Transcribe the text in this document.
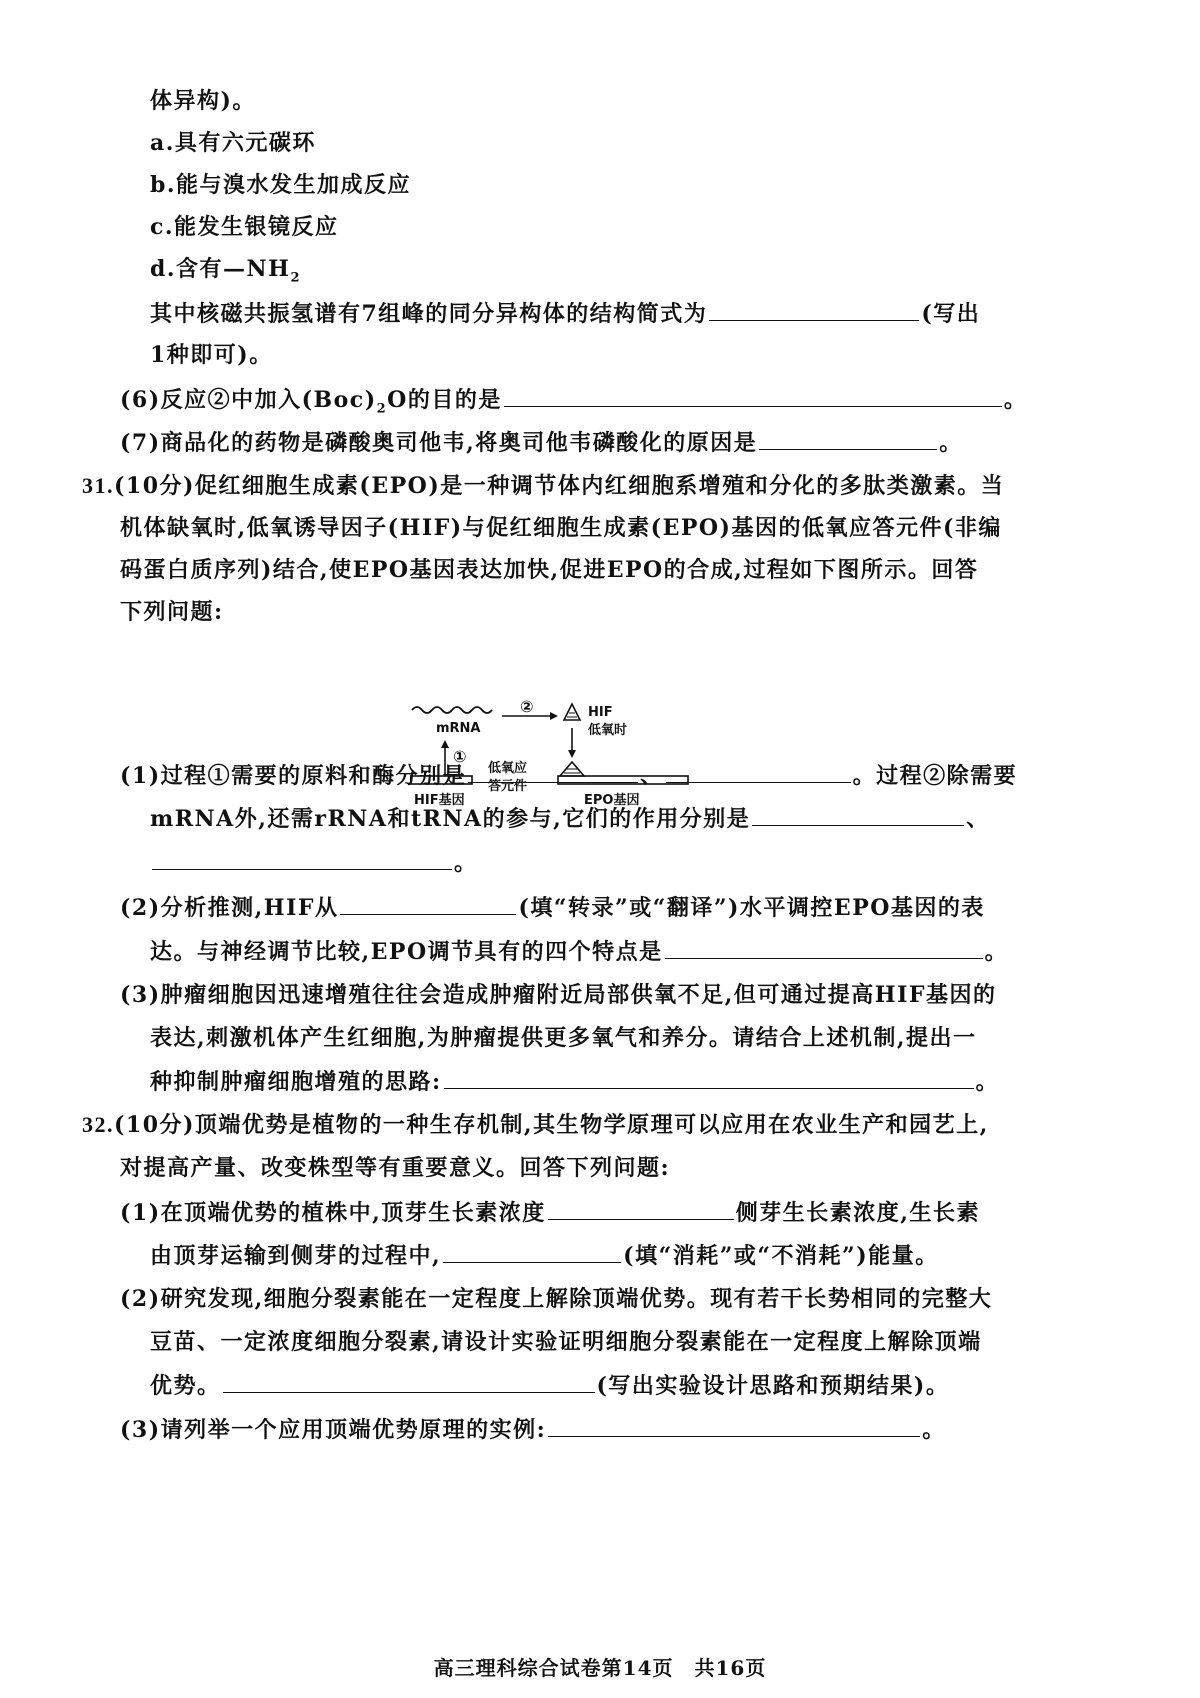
体异构)。
a.具有六元碳环
b.能与溴水发生加成反应
c.能发生银镜反应
d.含有$—NH_2$
其中核磁共振氢谱有7组峰的同分异构体的结构简式为	(写出
1种即可)。
(6)反应②中加入$(Boc)_2O$的目的是	。
(7)商品化的药物是磷酸奥司他韦,将奥司他韦磷酸化的原因是	。
31.(10分)促红细胞生成素(EPO)是一种调节体内红细胞系增殖和分化的多肽类激素。当
机体缺氧时,低氧诱导因子(HIF)与促红细胞生成素(EPO)基因的低氧应答元件(非编
码蛋白质序列)结合,使EPO基因表达加快,促进EPO的合成,过程如下图所示。回答
下列问题:
mRNA
①
HIF基因
②	HIF
低氧时
EPO基因
低氧应
答元件
(1)过程①需要的原料和酶分别是	、	。过程②除需要
mRNA外,还需rRNA和tRNA的参与,它们的作用分别是	、
。
(2)分析推测,HIF从	(填“转录”或“翻译”)水平调控EPO基因的表
达。与神经调节比较,EPO调节具有的四个特点是	。
(3)肿瘤细胞因迅速增殖往往会造成肿瘤附近局部供氧不足,但可通过提高HIF基因的
表达,刺激机体产生红细胞,为肿瘤提供更多氧气和养分。请结合上述机制,提出一
种抑制肿瘤细胞增殖的思路:	。
32.(10分)顶端优势是植物的一种生存机制,其生物学原理可以应用在农业生产和园艺上,
对提高产量、改变株型等有重要意义。回答下列问题:
(1)在顶端优势的植株中,顶芽生长素浓度	侧芽生长素浓度,生长素
由顶芽运输到侧芽的过程中,	(填“消耗”或“不消耗”)能量。
(2)研究发现,细胞分裂素能在一定程度上解除顶端优势。现有若干长势相同的完整大
豆苗、一定浓度细胞分裂素,请设计实验证明细胞分裂素能在一定程度上解除顶端
优势。	(写出实验设计思路和预期结果)。
(3)请列举一个应用顶端优势原理的实例:	。
高三理科综合试卷第14页　共16页
